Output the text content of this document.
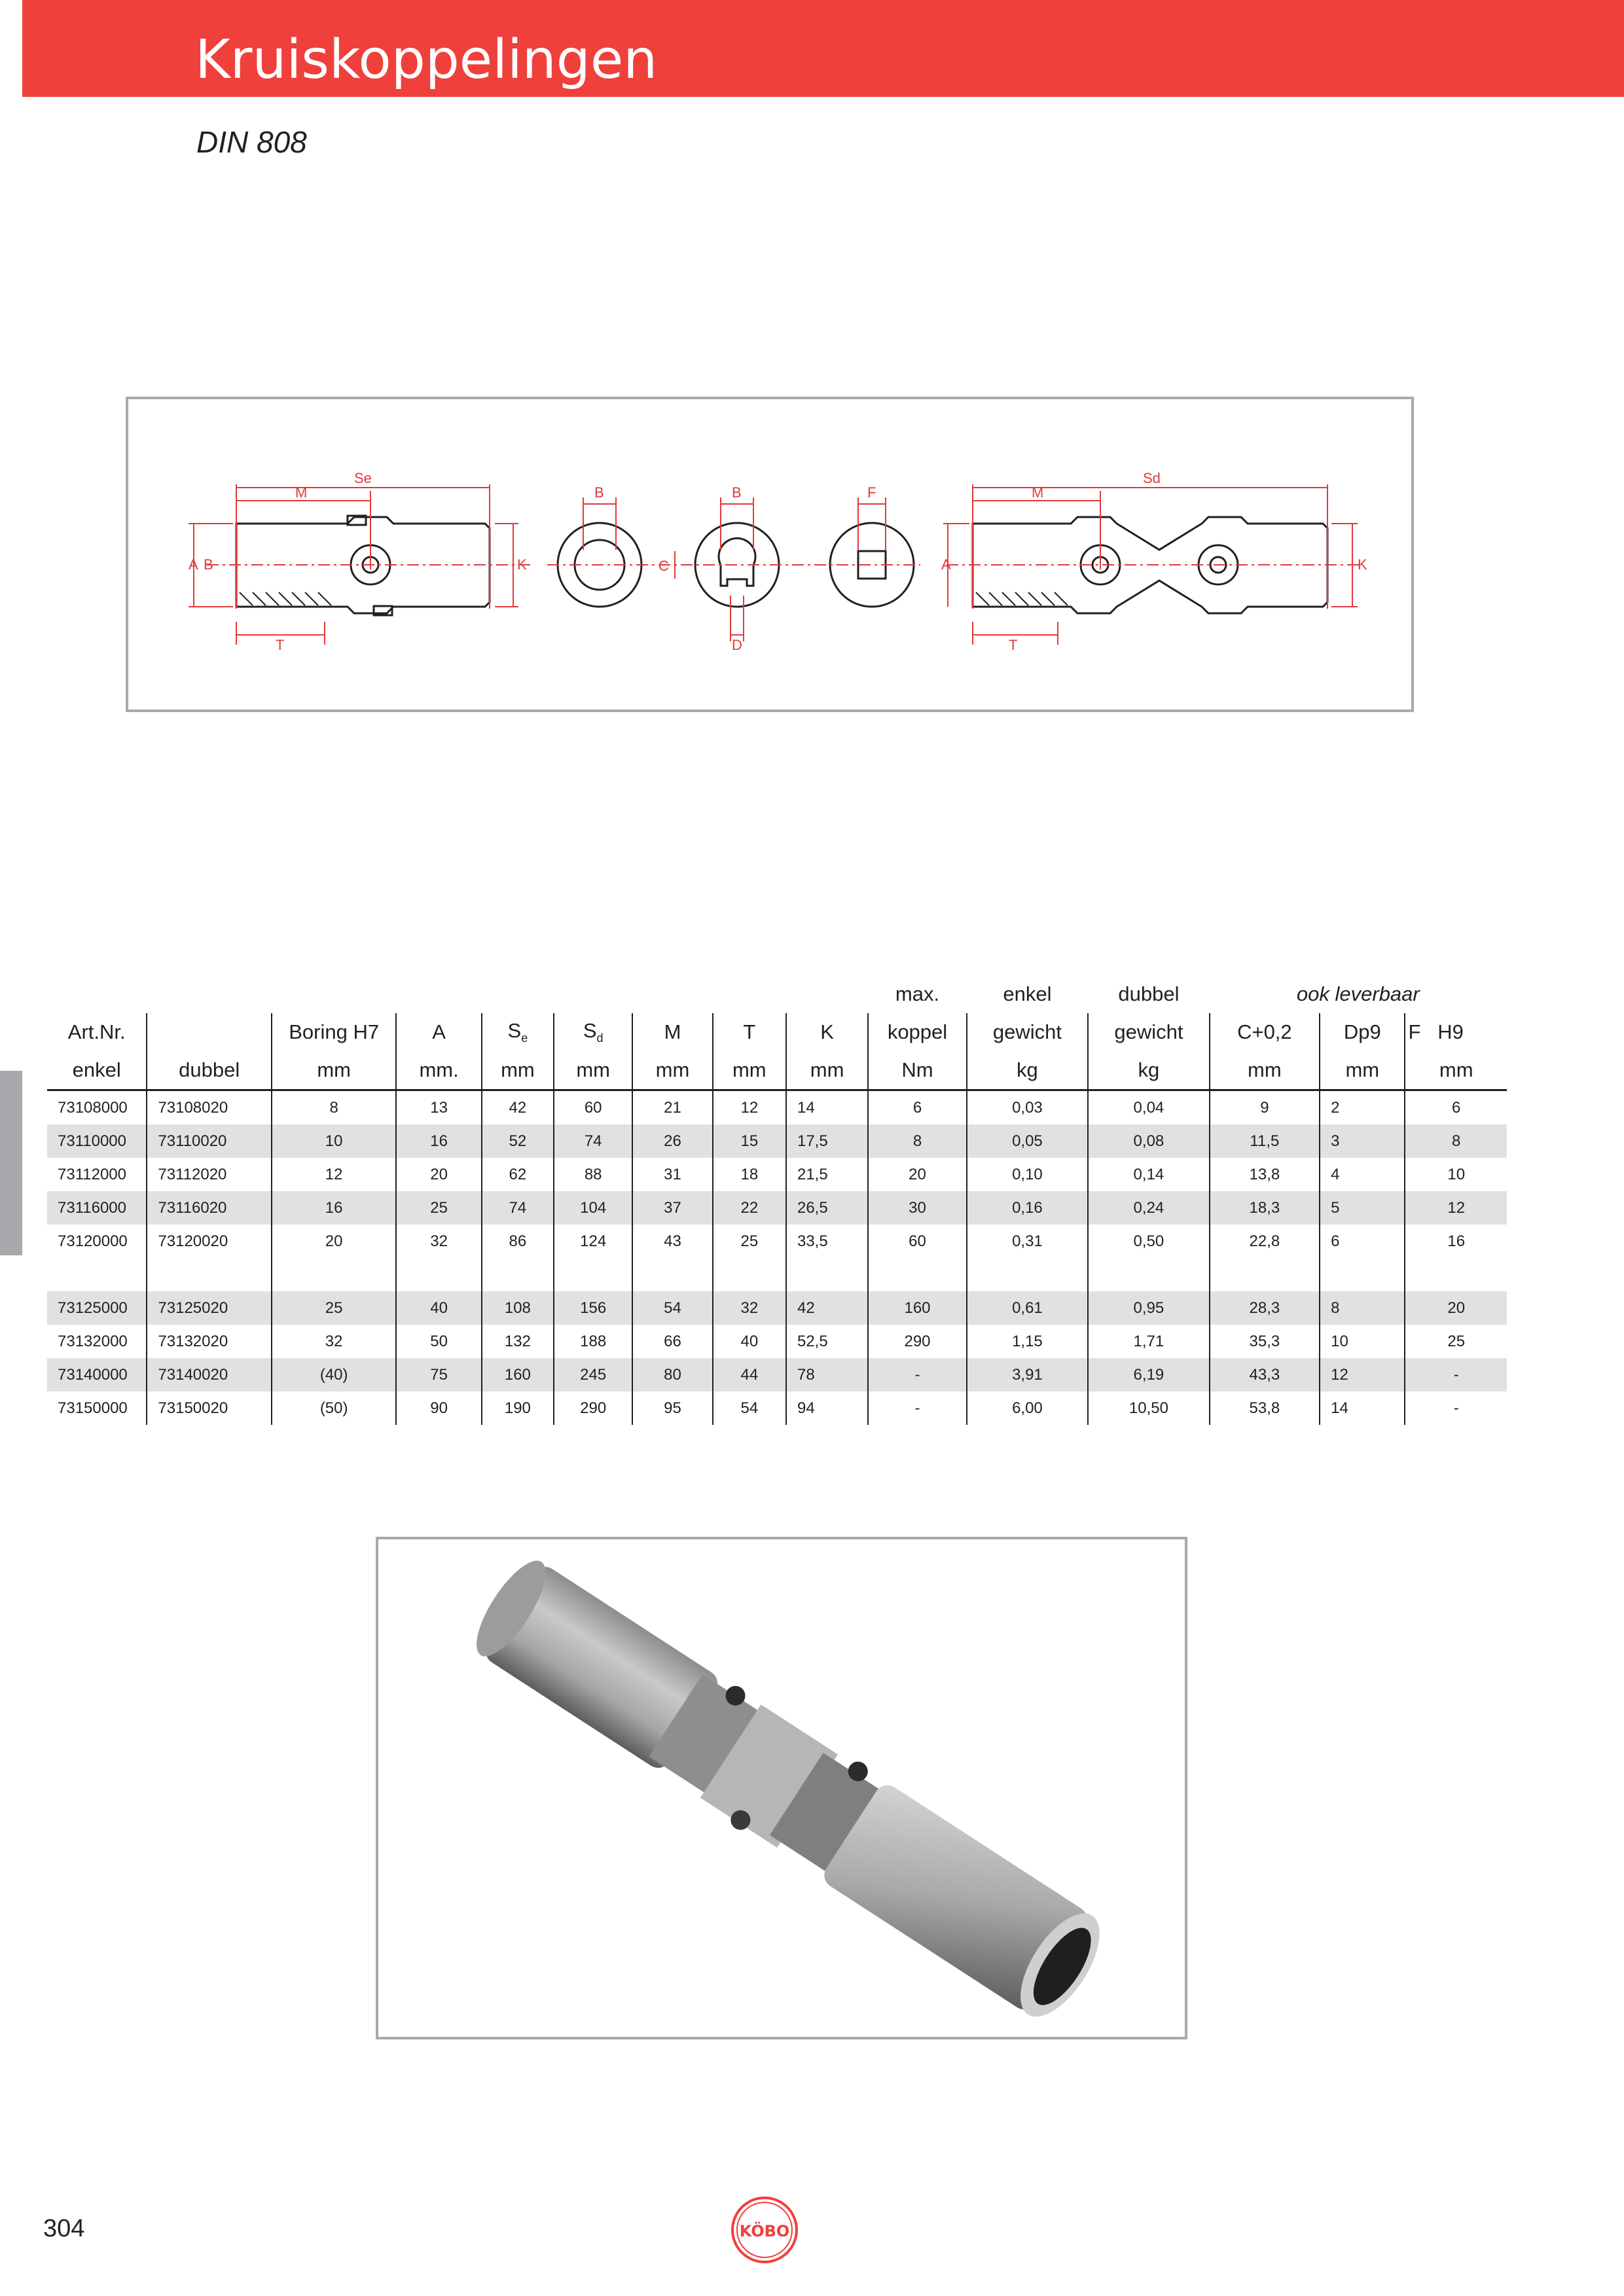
Kruiskoppelingen
DIN 808
Se
M
T
A B	K
B	B	F
C
D
A
Sd
M
T
K
									max.	enkel	dubbel	ook leverbaar		
Art.Nr.		Boring H7	A	$S_e$	$S_d$	M	T	K	koppel	gewicht	gewicht	C+0,2	Dp9	F   H9
enkel	dubbel	mm	mm.	mm	mm	mm	mm	mm	Nm	kg	kg	mm	mm	mm
73108000	73108020	8	13	42	60	21	12	14	6	0,03	0,04	9	2	6
73110000	73110020	10	16	52	74	26	15	17,5	8	0,05	0,08	11,5	3	8
73112000	73112020	12	20	62	88	31	18	21,5	20	0,10	0,14	13,8	4	10
73116000	73116020	16	25	74	104	37	22	26,5	30	0,16	0,24	18,3	5	12
73120000	73120020	20	32	86	124	43	25	33,5	60	0,31	0,50	22,8	6	16

73125000	73125020	25	40	108	156	54	32	42	160	0,61	0,95	28,3	8	20
73132000	73132020	32	50	132	188	66	40	52,5	290	1,15	1,71	35,3	10	25
73140000	73140020	(40)	75	160	245	80	44	78	-	3,91	6,19	43,3	12	-
73150000	73150020	(50)	90	190	290	95	54	94	-	6,00	10,50	53,8	14	-
304	KÖBO
